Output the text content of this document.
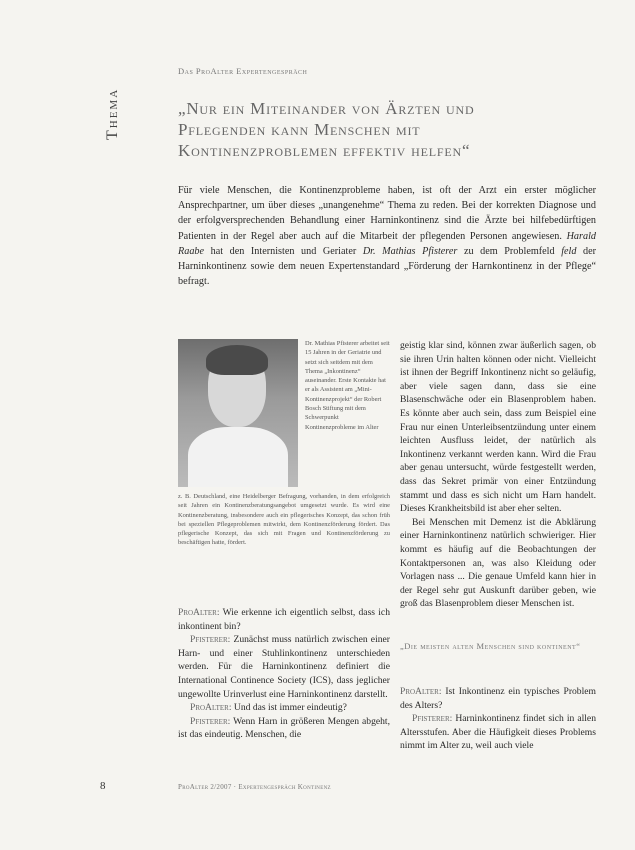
Thema
Das ProAlter Expertengespräch
„Nur ein Miteinander von Ärzten und Pflegenden kann Menschen mit Kontinenzproblemen effektiv helfen“
Für viele Menschen, die Kontinenzprobleme haben, ist oft der Arzt ein erster möglicher Ansprechpartner, um über dieses „unangenehme“ Thema zu reden. Bei der korrekten Diagnose und der erfolgversprechenden Behandlung einer Harninkontinenz sind die Ärzte bei hilfebedürftigen Patienten in der Regel aber auch auf die Mitarbeit der pflegenden Personen angewiesen. Harald Raabe hat den Internisten und Geriater Dr. Mathias Pfisterer zu dem Problemfeld feld der Harninkontinenz sowie dem neuen Expertenstandard „Förderung der Harnkontinenz in der Pflege“ befragt.
Dr. Mathias Pfisterer arbeitet seit 15 Jahren in der Geriatrie und setzt sich seitdem mit dem Thema „Inkontinenz“ auseinander. Erste Kontakte hat er als Assistent am „Mini-Kontinenzprojekt“ der Robert Bosch Stiftung mit dem Schwerpunkt Kontinenzprobleme im Alter
z. B. Deutschland, eine Heidelberger Befragung, vorhanden, in dem erfolgreich seit Jahren ein Kontinenzberatungsangebot umgesetzt wurde. Es wird eine Kontinenzberatung, insbesondere auch ein pflegerisches Konzept, das schon früh bei speziellen Pflegeproblemen mitwirkt, dem Kontinenzförderung fördert. Das pflegerische Konzept, das sich mit Fragen und Kontinenzförderung zu beschäftigen hatte, fördert.

geistig klar sind, können zwar äußerlich sagen, ob sie ihren Urin halten können oder nicht. Vielleicht ist ihnen der Begriff Inkontinenz nicht so geläufig, aber viele sagen dann, dass sie eine Blasenschwäche oder ein Blasenproblem haben. Es könnte aber auch sein, dass zum Beispiel eine Frau nur einen Unterleibsentzündung unter einem leichten Ausfluss leidet, der natürlich als Inkontinenz verkannt werden kann. Wird die Frau aber genau untersucht, würde festgestellt werden, dass das Sekret primär von einer Entzündung stammt und dass es sich nicht um Harn handelt. Dieses Krankheitsbild ist aber eher selten.

Bei Menschen mit Demenz ist die Abklärung einer Harninkontinenz natürlich schwieriger. Hier kommt es häufig auf die Beobachtungen der Kontaktpersonen an, was also Kleidung oder Vorlagen nass ... Die genaue Umfeld kann hier in der Regel sehr gut Auskunft darüber geben, wie groß das Blasenproblem dieser Menschen ist.

„Die meisten alten Menschen sind kontinent“

ProAlter: Ist Inkontinenz ein typisches Problem des Alters?

Pfisterer: Harninkontinenz findet sich in allen Altersstufen. Aber die Häufigkeit dieses Problems nimmt im Alter zu, weil auch viele

ProAlter: Wie erkenne ich eigentlich selbst, dass ich inkontinent bin?

Pfisterer: Zunächst muss natürlich zwischen einer Harn- und einer Stuhlinkontinenz unterschieden werden. Für die Harninkontinenz definiert die International Continence Society (ICS), dass jeglicher ungewollte Urinverlust eine Harninkontinenz darstellt.

ProAlter: Und das ist immer eindeutig?

Pfisterer: Wenn Harn in größeren Mengen abgeht, ist das eindeutig. Menschen, die

8	ProAlter 2/2007 · Expertengespräch Kontinenz
